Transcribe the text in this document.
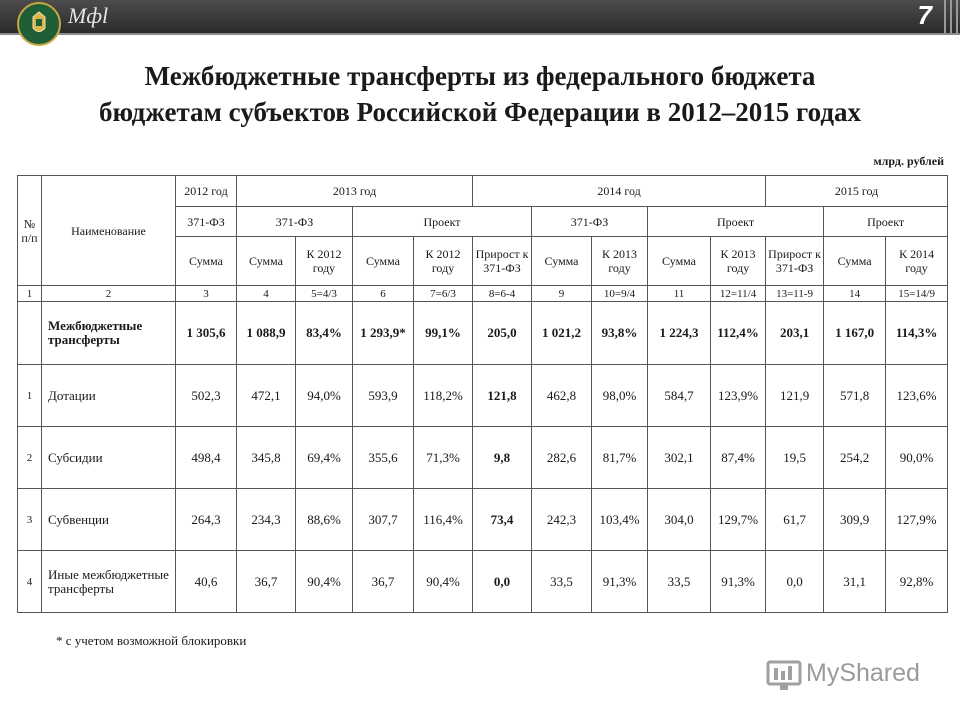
Мфl	7
Межбюджетные трансферты из федерального бюджета
бюджетам субъектов Российской Федерации в 2012–2015 годах
млрд. рублей
№ п/п	Наименование	2012 год	2013 год				2014 год					2015 год		
		371-ФЗ	371-ФЗ		Проект			371-ФЗ		Проект			Проект	
		Сумма	Сумма	К 2012 году	Сумма	К 2012 году	Прирост к 371-ФЗ	Сумма	К 2013 году	Сумма	К 2013 году	Прирост к 371-ФЗ	Сумма	К 2014 году
1	2	3	4	5=4/3	6	7=6/3	8=6-4	9	10=9/4	11	12=11/4	13=11-9	14	15=14/9
	Межбюджетные трансферты	1 305,6	1 088,9	83,4%	1 293,9*	99,1%	205,0	1 021,2	93,8%	1 224,3	112,4%	203,1	1 167,0	114,3%
1	Дотации	502,3	472,1	94,0%	593,9	118,2%	121,8	462,8	98,0%	584,7	123,9%	121,9	571,8	123,6%
2	Субсидии	498,4	345,8	69,4%	355,6	71,3%	9,8	282,6	81,7%	302,1	87,4%	19,5	254,2	90,0%
3	Субвенции	264,3	234,3	88,6%	307,7	116,4%	73,4	242,3	103,4%	304,0	129,7%	61,7	309,9	127,9%
4	Иные межбюджетные трансферты	40,6	36,7	90,4%	36,7	90,4%	0,0	33,5	91,3%	33,5	91,3%	0,0	31,1	92,8%
* с учетом возможной блокировки
MyShared
